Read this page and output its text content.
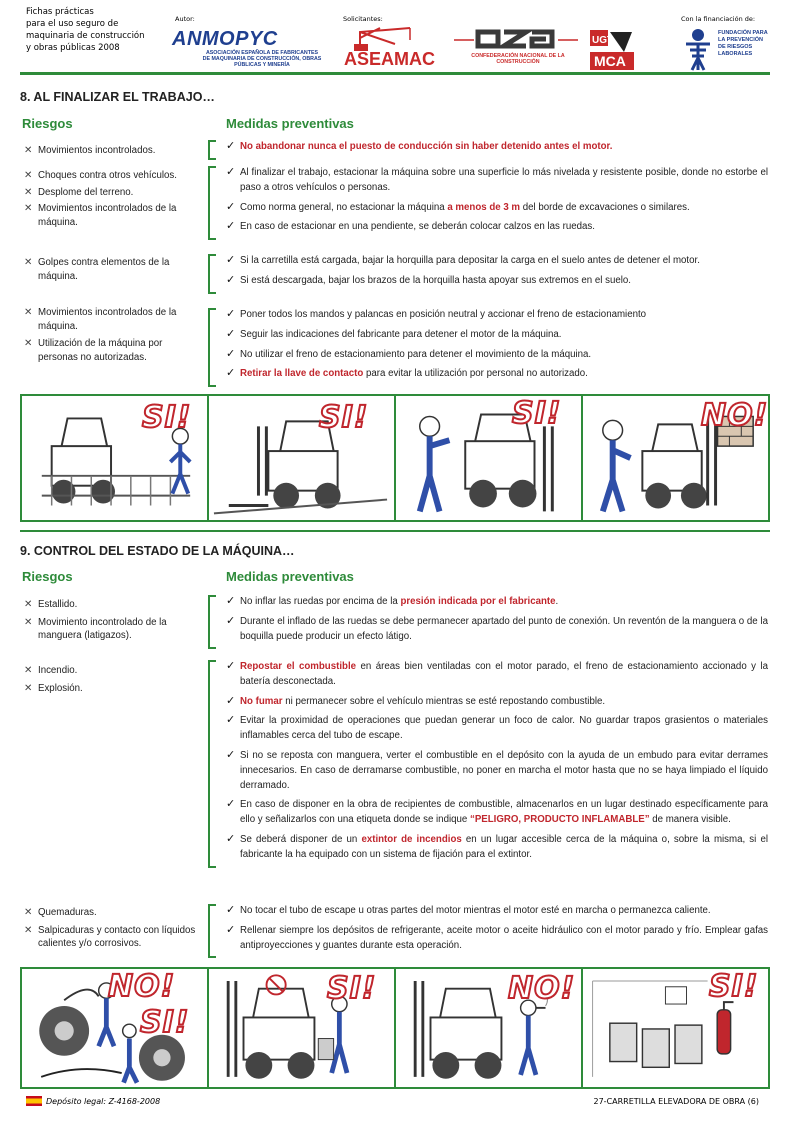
Fichas prácticas
para el uso seguro de
maquinaria de construcción
y obras públicas 2008
Autor:	Solicitantes:	Con la financiación de:
ANMOPYC
ASOCIACIÓN ESPAÑOLA DE FABRICANTES DE MAQUINARIA DE CONSTRUCCIÓN, OBRAS PÚBLICAS Y MINERÍA	ASEAMAC	CONFEDERACIÓN NACIONAL DE LA CONSTRUCCIÓN
UGT
MCA
FUNDACIÓN PARA LA PREVENCIÓN DE RIESGOS LABORALES
8. AL FINALIZAR EL TRABAJO…
Riesgos	Medidas preventivas
✕ Movimientos incontrolados.
✓	No abandonar nunca el puesto de conducción sin haber detenido antes el motor.
✕ Choques contra otros vehículos.
✕ Desplome del terreno.
✕ Movimientos incontrolados de la máquina.
✓ Al finalizar el trabajo, estacionar la máquina sobre una superficie lo más nivelada y resistente posible, donde no estorbe el paso a otros vehículos o personas.
✓ Como norma general, no estacionar la máquina a menos de 3 m del borde de excavaciones o similares.
✓ En caso de estacionar en una pendiente, se deberán colocar calzos en las ruedas.
✕ Golpes contra elementos de la máquina.
✓ Si la carretilla está cargada, bajar la horquilla para depositar la carga en el suelo antes de detener el motor.
✓ Si está descargada, bajar los brazos de la horquilla hasta apoyar sus extremos en el suelo.
✕ Movimientos incontrolados de la máquina.
✕ Utilización de la máquina por personas no autorizadas.
✓ Poner todos los mandos y palancas en posición neutral y accionar el freno de estacionamiento
✓ Seguir las indicaciones del fabricante para detener el motor de la máquina.
✓ No utilizar el freno de estacionamiento para detener el movimiento de la máquina.
✓ Retirar la llave de contacto para evitar la utilización por personal no autorizado.
SI!	SI!	SI!	NO!
9. CONTROL DEL ESTADO DE LA MÁQUINA…
Riesgos	Medidas preventivas
✕ Estallido.
✕ Movimiento incontrolado de la manguera (latigazos).
✓ No inflar las ruedas por encima de la presión indicada por el fabricante.
✓ Durante el inflado de las ruedas se debe permanecer apartado del punto de conexión. Un reventón de la manguera o de la boquilla puede producir un efecto látigo.
✕ Incendio.
✕ Explosión.
✓ Repostar el combustible en áreas bien ventiladas con el motor parado, el freno de estacionamiento accionado y la batería desconectada.
✓ No fumar ni permanecer sobre el vehículo mientras se esté repostando combustible.
✓ Evitar la proximidad de operaciones que puedan generar un foco de calor. No guardar trapos grasientos o materiales inflamables cerca del tubo de escape.
✓ Si no se reposta con manguera, verter el combustible en el depósito con la ayuda de un embudo para evitar derrames innecesarios. En caso de derramarse combustible, no poner en marcha el motor hasta que no se haya limpiado el líquido derramado.
✓ En caso de disponer en la obra de recipientes de combustible, almacenarlos en un lugar destinado específicamente para ello y señalizarlos con una etiqueta donde se indique “PELIGRO, PRODUCTO INFLAMABLE” de manera visible.
✓ Se deberá disponer de un extintor de incendios en un lugar accesible cerca de la máquina o, sobre la misma, si el fabricante la ha equipado con un sistema de fijación para el extintor.
✕ Quemaduras.
✕ Salpicaduras y contacto con líquidos calientes y/o corrosivos.
✓ No tocar el tubo de escape u otras partes del motor mientras el motor esté en marcha o permanezca caliente.
✓ Rellenar siempre los depósitos de refrigerante, aceite motor o aceite hidráulico con el motor parado y frío. Emplear gafas antiproyecciones y guantes durante esta operación.
NO!
SI!
SI!	NO!	SI!
Depósito legal: Z-4168-2008	27-CARRETILLA ELEVADORA DE OBRA (6)
